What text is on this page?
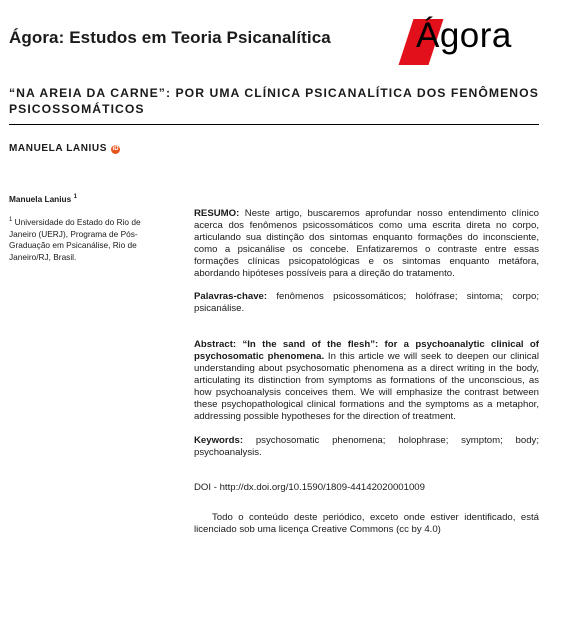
Ágora: Estudos em Teoria Psicanalítica Ágora
“NA AREIA DA CARNE”: POR UMA CLÍNICA PSICANALÍTICA DOS FENÔMENOS PSICOSSOMÁTICOS
MANUELA LANIUS iD
Manuela Lanius $^1$
$^1$ Universidade do Estado do Rio de Janeiro (UERJ), Programa de Pós-Graduação em Psicanálise, Rio de Janeiro/RJ, Brasil.

RESUMO: Neste artigo, buscaremos aprofundar nosso entendimento clínico acerca dos fenômenos psicossomáticos como uma escrita direta no corpo, articulando sua distinção dos sintomas enquanto formações do inconsciente, como a psicanálise os concebe. Enfatizaremos o contraste entre essas formações clínicas psicopatológicas e os sintomas enquanto metáfora, abordando hipóteses possíveis para a direção do tratamento.

Palavras-chave: fenômenos psicossomáticos; holófrase; sintoma; corpo; psicanálise.

Abstract: “In the sand of the flesh”: for a psychoanalytic clinical of psychosomatic phenomena. In this article we will seek to deepen our clinical understanding about psychosomatic phenomena as a direct writing in the body, articulating its distinction from symptoms as formations of the unconscious, as how psychoanalysis conceives them. We will emphasize the contrast between these psychopathological clinical formations and the symptoms as a metaphor, addressing possible hypotheses for the direction of treatment.

Keywords: psychosomatic phenomena; holophrase; symptom; body; psychoanalysis.

DOI - http://dx.doi.org/10.1590/1809-44142020001009

Todo o conteúdo deste periódico, exceto onde estiver identificado, está licenciado sob uma licença Creative Commons (cc by 4.0)
